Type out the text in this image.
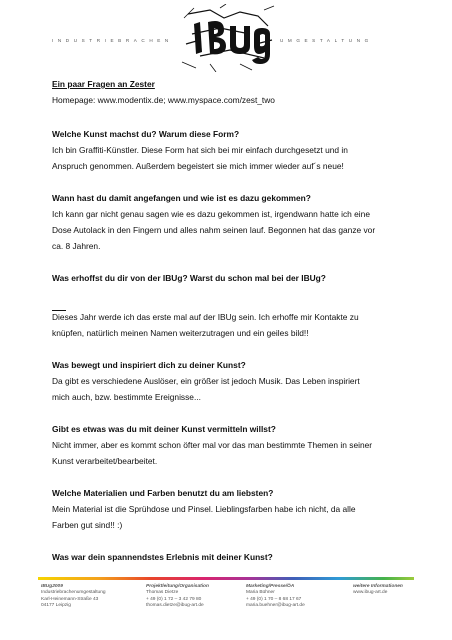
INDUSTRIEBRACHEN	UMGESTALTUNG

Ein paar Fragen an Zester

Homepage: www.modentix.de; www.myspace.com/zest_two

Welche Kunst machst du? Warum diese Form?

Ich bin Graffiti-Künstler. Diese Form hat sich bei mir einfach durchgesetzt und in
Anspruch genommen. Außerdem begeistert sie mich immer wieder auf´s neue!

Wann hast du damit angefangen und wie ist es dazu gekommen?

Ich kann gar nicht genau sagen wie es dazu gekommen ist, irgendwann hatte ich eine
Dose Autolack in den Fingern und alles nahm seinen lauf. Begonnen hat das ganze vor
ca. 8 Jahren.

Was erhoffst du dir von der IBUg? Warst du schon mal bei der IBUg?

Dieses Jahr werde ich das erste mal auf der IBUg sein. Ich erhoffe mir Kontakte zu
knüpfen, natürlich meinen Namen weiterzutragen und ein geiles bild!!

Was bewegt und inspiriert dich zu deiner Kunst?

Da gibt es verschiedene Auslöser, ein größer ist jedoch Musik. Das Leben inspiriert
mich auch, bzw. bestimmte Ereignisse...

Gibt es etwas was du mit deiner Kunst vermitteln willst?

Nicht immer, aber es kommt schon öfter mal vor das man bestimmte Themen in seiner
Kunst verarbeitet/bearbeitet.

Welche Materialien und Farben benutzt du am liebsten?

Mein Material ist die Sprühdose und Pinsel. Lieblingsfarben habe ich nicht, da alle
Farben gut sind!! :)

Was war dein spannendstes Erlebnis mit deiner Kunst?

IBUg2009
Industriebrachenumgestaltung
Karl-Heinemann-Straße 43
04177 Leipzig
Projektleitung/Organisation
Thomas Dietze
+ 49 (0) 1 72 – 3 42 79 80
thomas.dietze@ibug-art.de
Marketing/Presse/ÖA
Maria Bühner
+ 49 (0) 1 70 – 8 68 17 67
maria.buehner@ibug-art.de
weitere Informationen
www.ibug-art.de
